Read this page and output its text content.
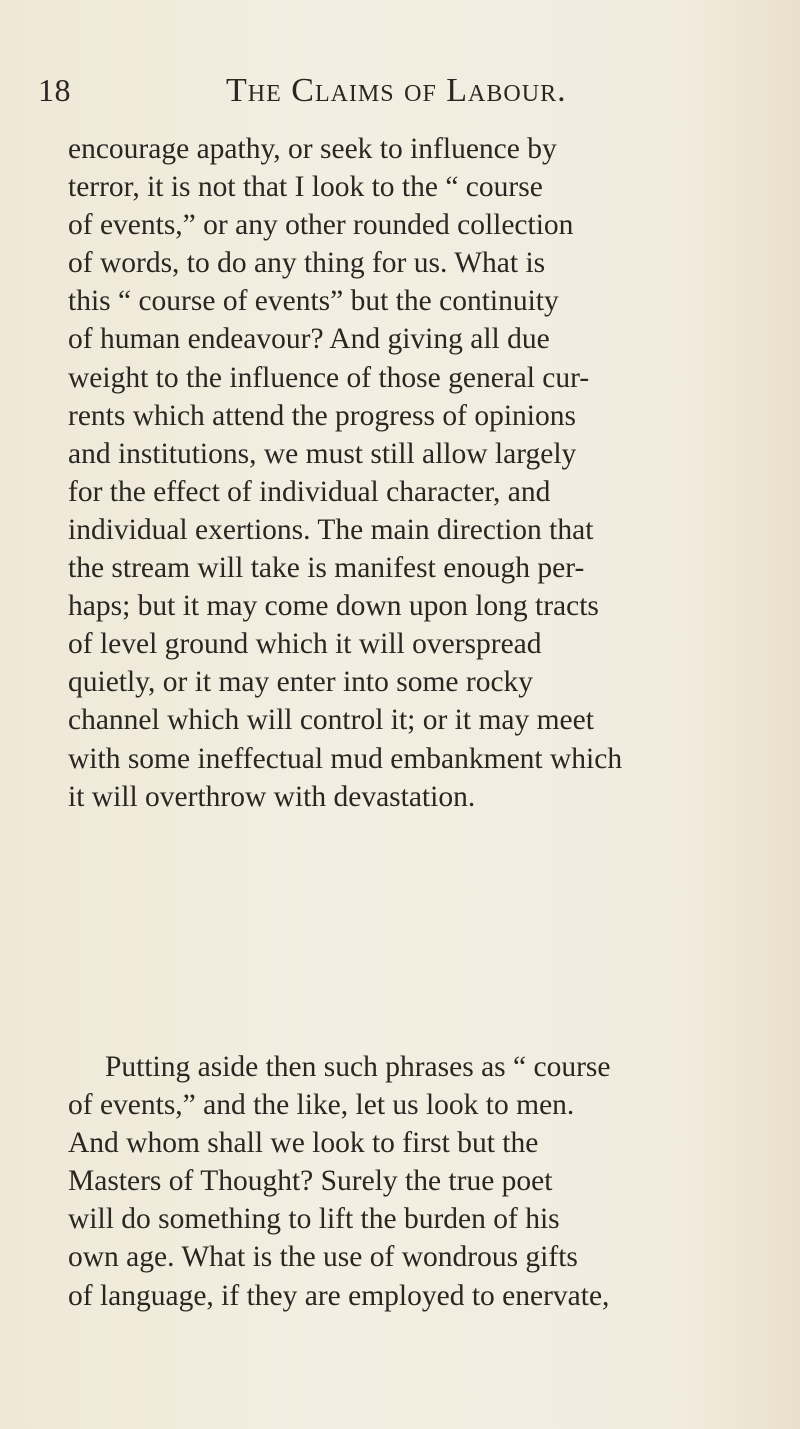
18	The Claims of Labour.
encourage apathy, or seek to influence by
terror, it is not that I look to the “ course
of events,” or any other rounded collection
of words, to do any thing for us. What is
this “ course of events” but the continuity
of human endeavour? And giving all due
weight to the influence of those general cur-
rents which attend the progress of opinions
and institutions, we must still allow largely
for the effect of individual character, and
individual exertions. The main direction that
the stream will take is manifest enough per-
haps; but it may come down upon long tracts
of level ground which it will overspread
quietly, or it may enter into some rocky
channel which will control it; or it may meet
with some ineffectual mud embankment which
it will overthrow with devastation.
Putting aside then such phrases as “ course
of events,” and the like, let us look to men.
And whom shall we look to first but the
Masters of Thought? Surely the true poet
will do something to lift the burden of his
own age. What is the use of wondrous gifts
of language, if they are employed to enervate,
